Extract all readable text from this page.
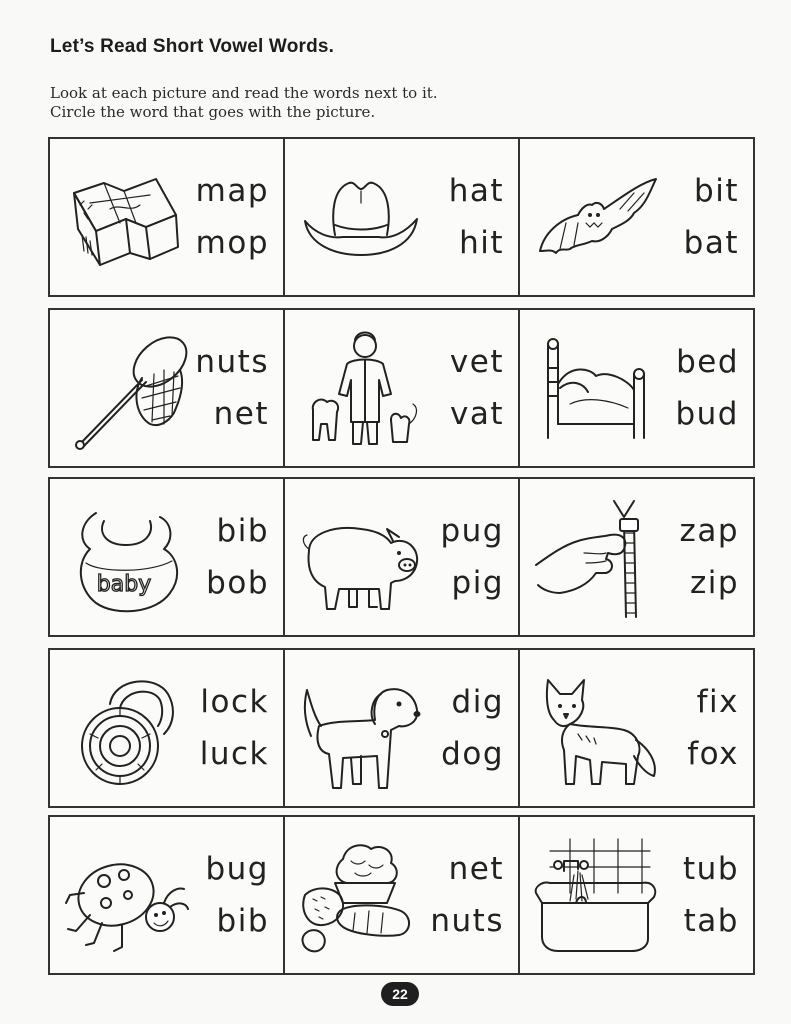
Let’s Read Short Vowel Words.
Look at each picture and read the words next to it.
Circle the word that goes with the picture.
map
mop
hat
hit
bit
bat
nuts
net
vet
vat
bed
bud
baby
bib
bob
pug
pig
zap
zip
lock
luck
dig
dog
fix
fox
bug
bib
net
nuts
tub
tab
22
